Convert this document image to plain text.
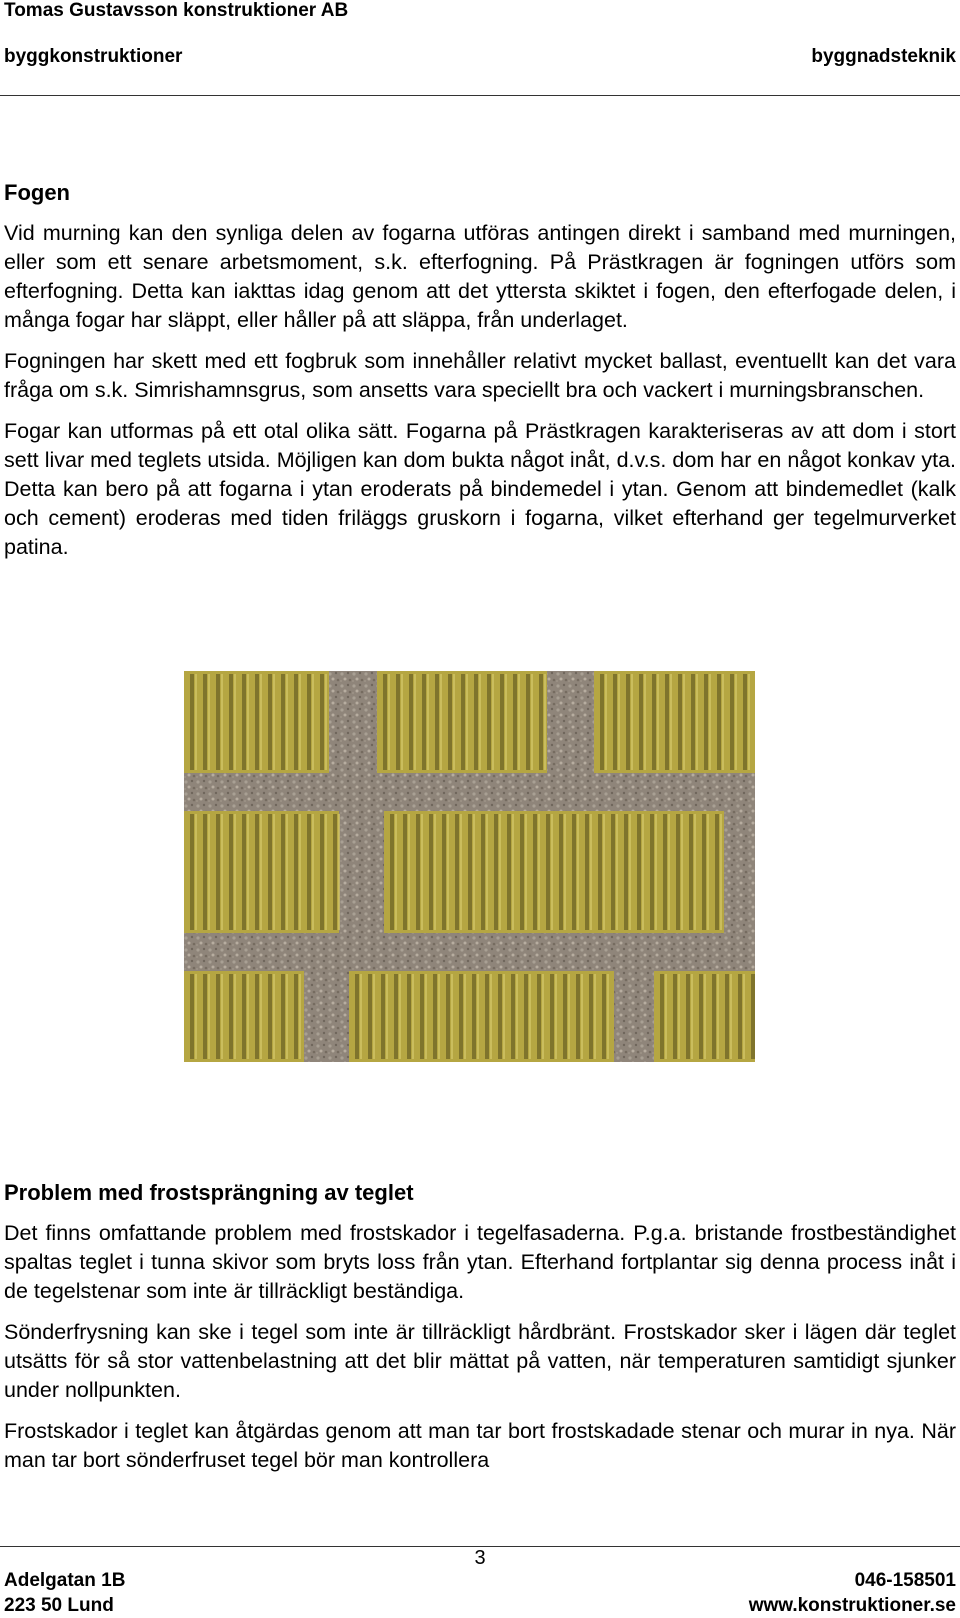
Tomas Gustavsson konstruktioner AB
byggkonstruktioner	byggnadsteknik
Fogen

Vid murning kan den synliga delen av fogarna utföras antingen direkt i samband med murningen, eller som ett senare arbetsmoment, s.k. efterfogning. På Prästkragen är fogningen utförs som efterfogning. Detta kan iakttas idag genom att det yttersta skiktet i fogen, den efterfogade delen, i många fogar har släppt, eller håller på att släppa, från underlaget.

Fogningen har skett med ett fogbruk som innehåller relativt mycket ballast, eventuellt kan det vara fråga om s.k. Simrishamnsgrus, som ansetts vara speciellt bra och vackert i murningsbranschen.

Fogar kan utformas på ett otal olika sätt. Fogarna på Prästkragen karakteriseras av att dom i stort sett livar med teglets utsida. Möjligen kan dom bukta något inåt, d.v.s. dom har en något konkav yta. Detta kan bero på att fogarna i ytan eroderats på bindemedel i ytan. Genom att bindemedlet (kalk och cement) eroderas med tiden friläggs gruskorn i fogarna, vilket efterhand ger tegelmurverket patina.

Problem med frostsprängning av teglet

Det finns omfattande problem med frostskador i tegelfasaderna. P.g.a. bristande frostbeständighet spaltas teglet i tunna skivor som bryts loss från ytan. Efterhand fortplantar sig denna process inåt i de tegelstenar som inte är tillräckligt beständiga.

Sönderfrysning kan ske i tegel som inte är tillräckligt hårdbränt. Frostskador sker i lägen där teglet utsätts för så stor vattenbelastning att det blir mättat på vatten, när temperaturen samtidigt sjunker under nollpunkten.

Frostskador i teglet kan åtgärdas genom att man tar bort frostskadade stenar och murar in nya. När man tar bort sönderfruset tegel bör man kontrollera

3
Adelgatan 1B
223 50 Lund
046-158501
www.konstruktioner.se
